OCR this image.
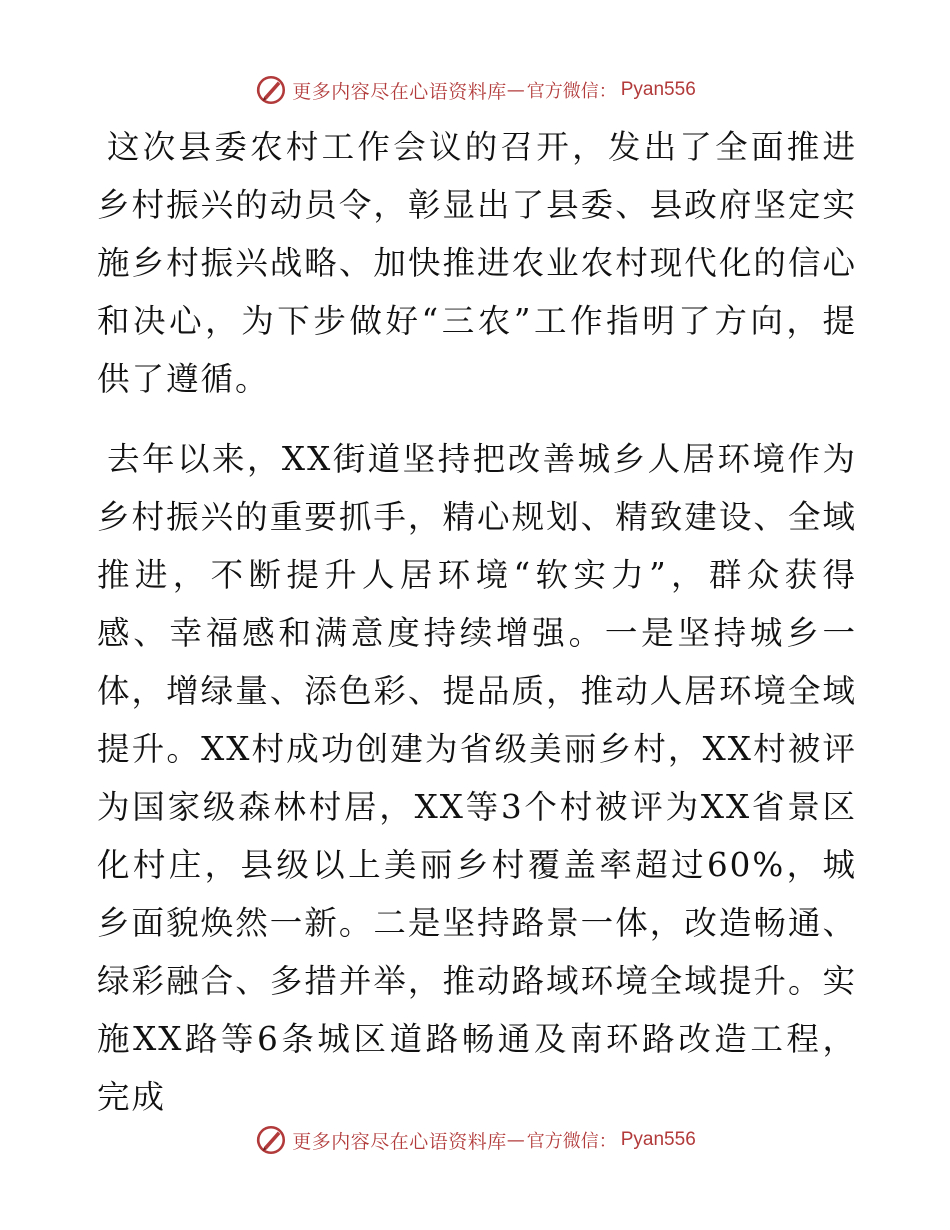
更多内容尽在心语资料库 — 官方微信： Pyan556

这次县委农村工作会议的召开，发出了全面推进乡村振兴的动员令，彰显出了县委、县政府坚定实施乡村振兴战略、加快推进农业农村现代化的信心和决心，为下步做好“三农”工作指明了方向，提供了遵循。

去年以来，XX街道坚持把改善城乡人居环境作为乡村振兴的重要抓手，精心规划、精致建设、全域推进，不断提升人居环境“软实力”，群众获得感、幸福感和满意度持续增强。一是坚持城乡一体，增绿量、添色彩、提品质，推动人居环境全域提升。XX村成功创建为省级美丽乡村，XX村被评为国家级森林村居，XX等3个村被评为XX省景区化村庄，县级以上美丽乡村覆盖率超过60%，城乡面貌焕然一新。二是坚持路景一体，改造畅通、绿彩融合、多措并举，推动路域环境全域提升。实施XX路等6条城区道路畅通及南环路改造工程，完成

更多内容尽在心语资料库 — 官方微信： Pyan556
